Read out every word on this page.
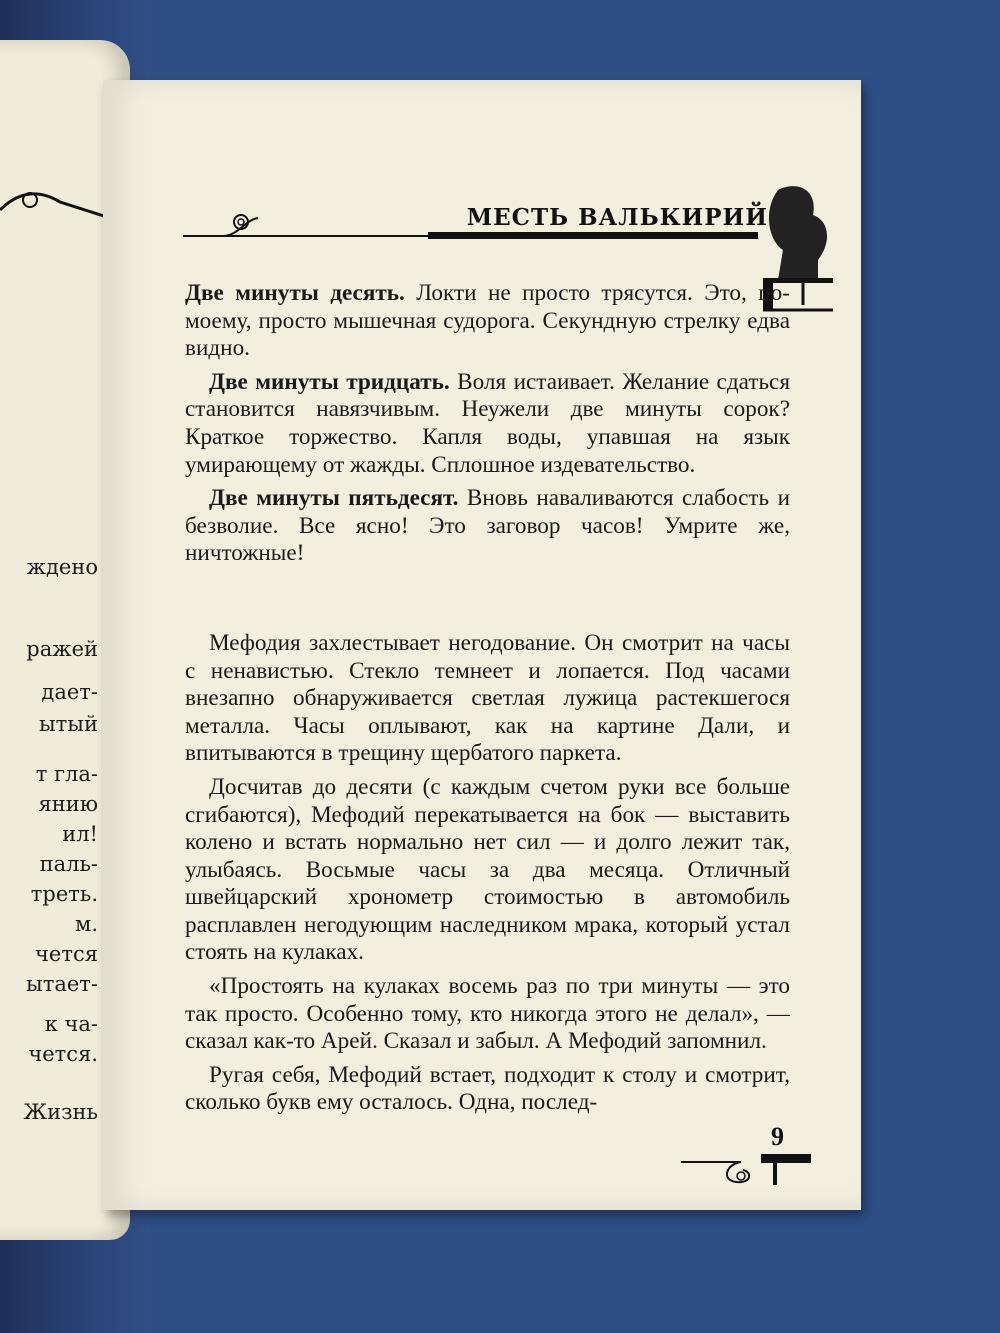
ждено
ражей
дает-
ытый
т гла-
янию
ил!
паль-
треть.
м.
чется
ытает-
к ча-
чется.
Жизнь
МЕСТЬ ВАЛЬКИРИЙ

Две минуты десять. Локти не просто трясутся. Это, по-моему, просто мышечная судорога. Секундную стрелку едва видно.

Две минуты тридцать. Воля истаивает. Желание сдаться становится навязчивым. Неужели две минуты сорок? Краткое торжество. Капля воды, упавшая на язык умирающему от жажды. Сплошное издевательство.

Две минуты пятьдесят. Вновь наваливаются слабость и безволие. Все ясно! Это заговор часов! Умрите же, ничтожные!

Мефодия захлестывает негодование. Он смотрит на часы с ненавистью. Стекло темнеет и лопается. Под часами внезапно обнаруживается светлая лужица растекшегося металла. Часы оплывают, как на картине Дали, и впитываются в трещину щербатого паркета.

Досчитав до десяти (с каждым счетом руки все больше сгибаются), Мефодий перекатывается на бок — выставить колено и встать нормально нет сил — и долго лежит так, улыбаясь. Восьмые часы за два месяца. Отличный швейцарский хронометр стоимостью в автомобиль расплавлен негодующим наследником мрака, который устал стоять на кулаках.

«Простоять на кулаках восемь раз по три минуты — это так просто. Особенно тому, кто никогда этого не делал», — сказал как-то Арей. Сказал и забыл. А Мефодий запомнил.

Ругая себя, Мефодий встает, подходит к столу и смотрит, сколько букв ему осталось. Одна, послед-

9
